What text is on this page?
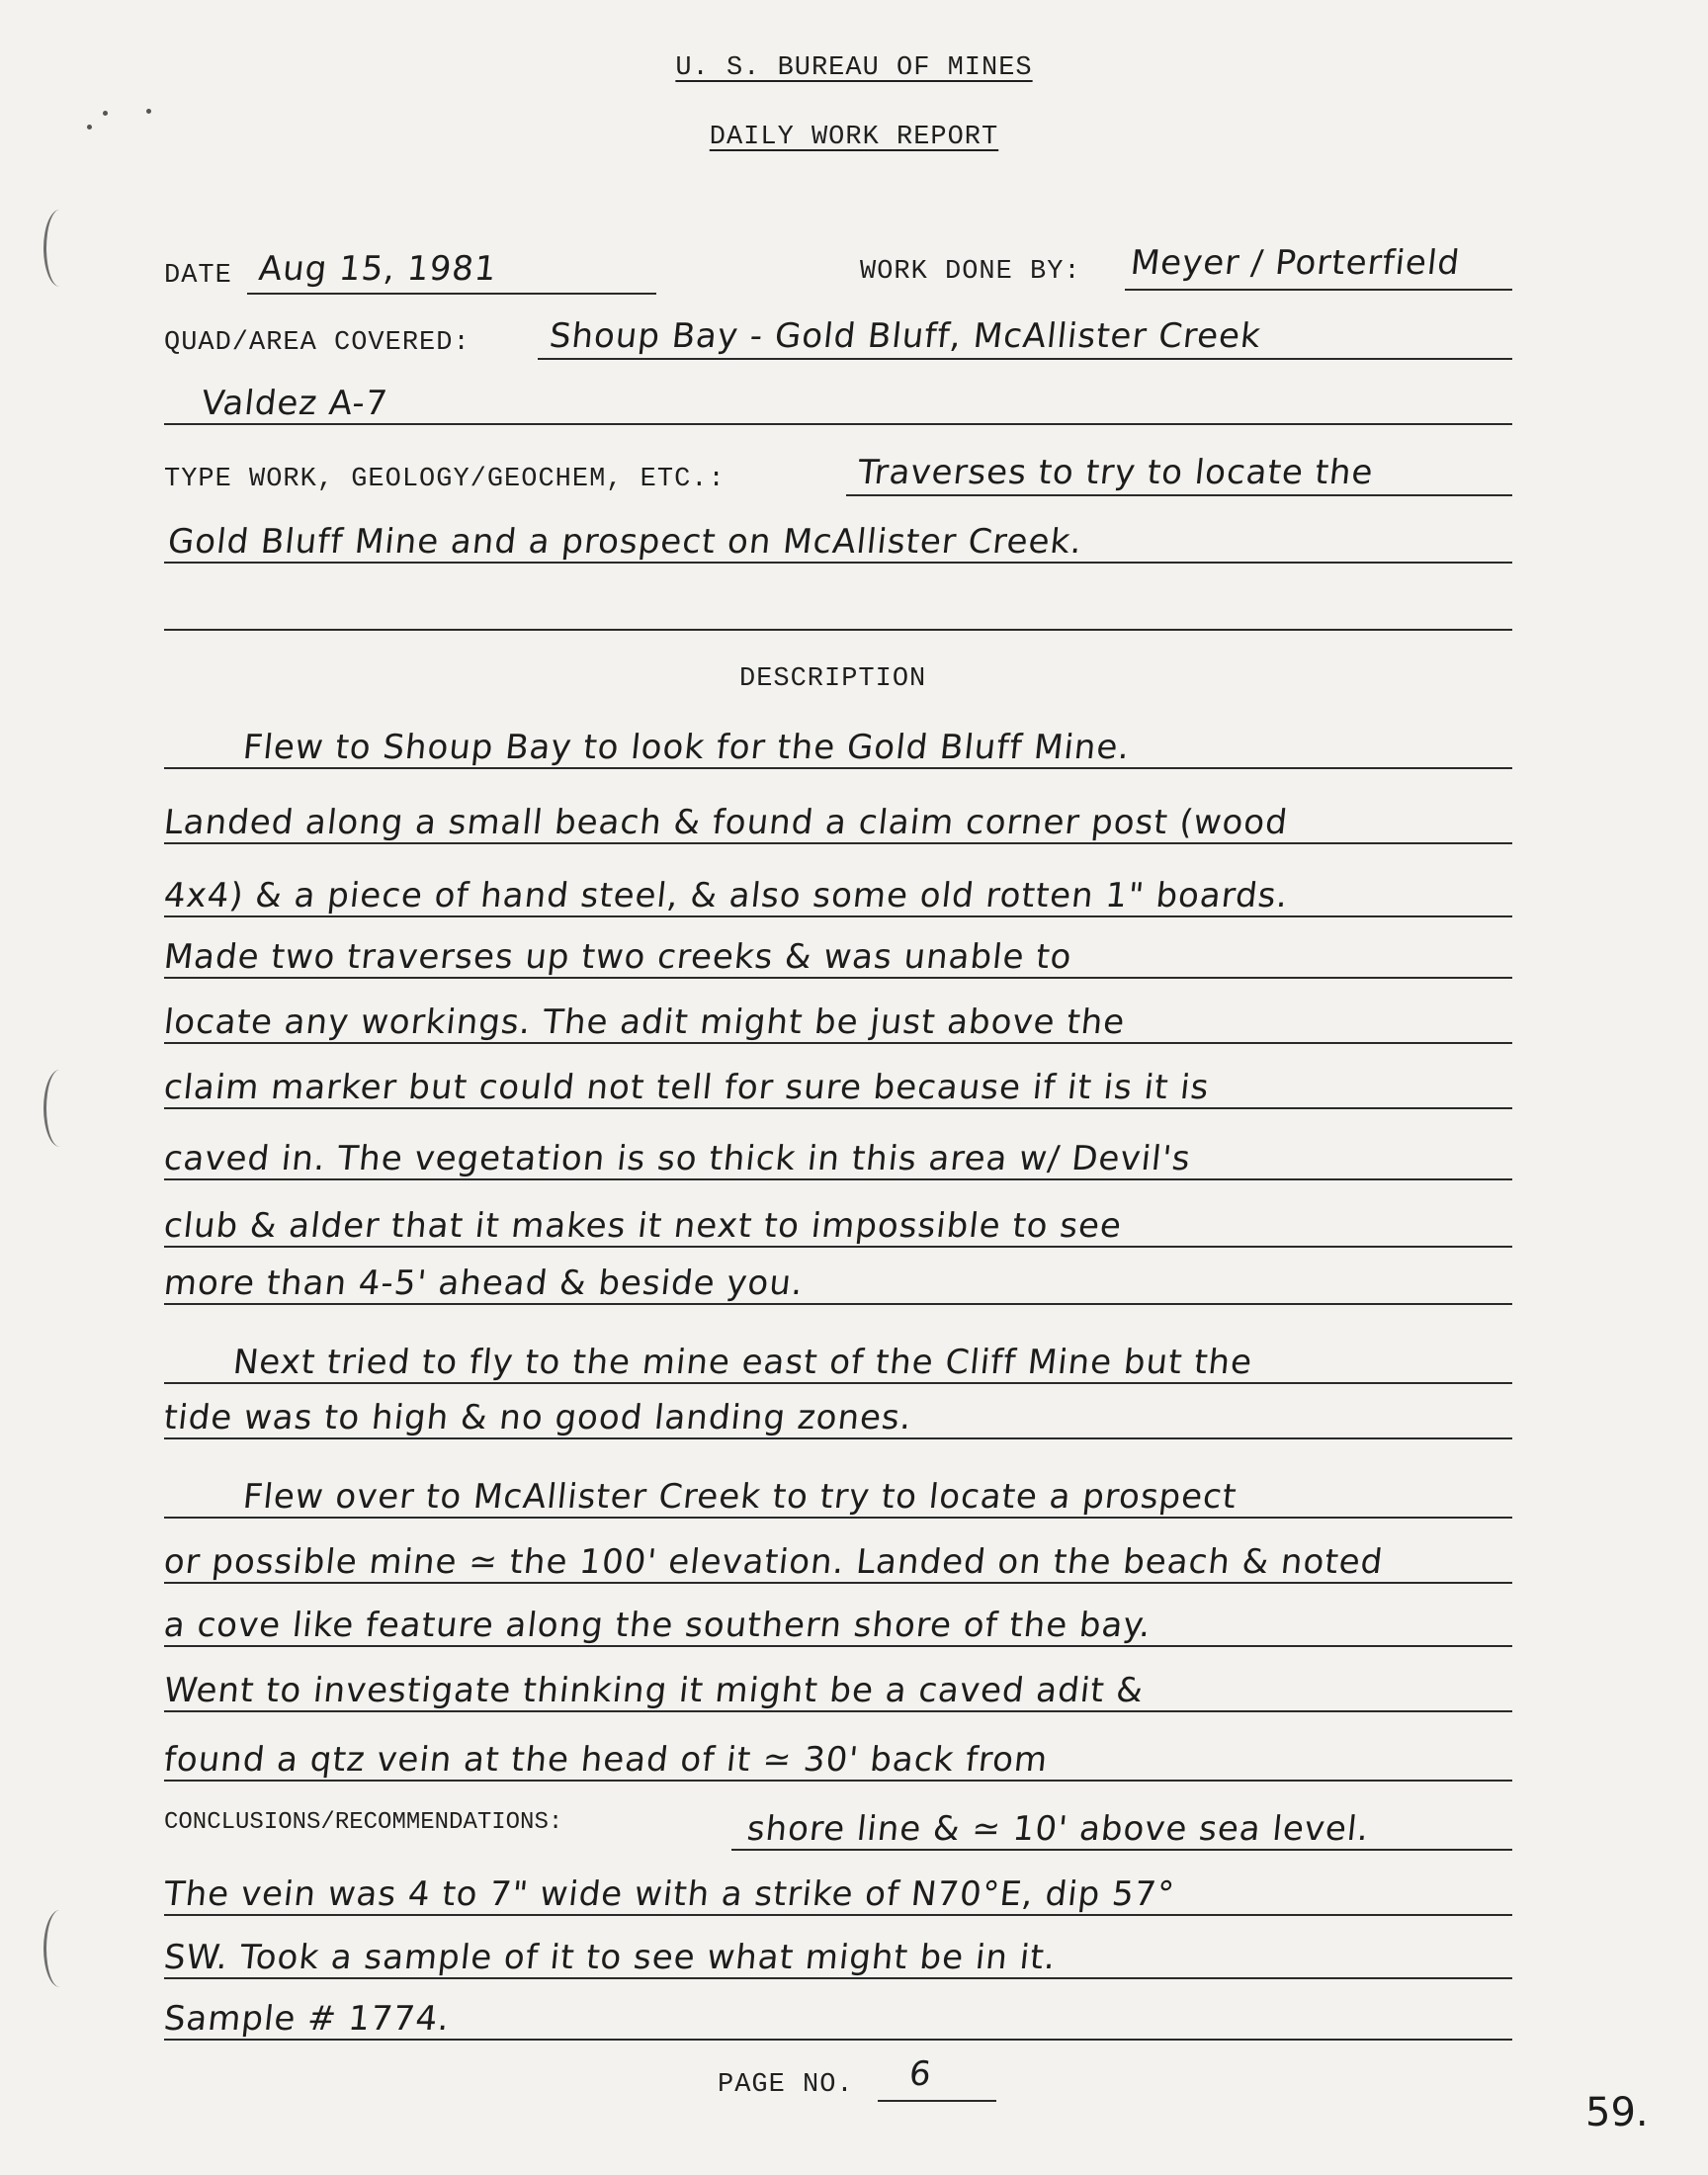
U. S. BUREAU OF MINES
DAILY WORK REPORT
DATE Aug 15, 1981	WORK DONE BY: Meyer / Porterfield
QUAD/AREA COVERED: Shoup Bay - Gold Bluff, McAllister Creek
Valdez A-7
TYPE WORK, GEOLOGY/GEOCHEM, ETC.:	Traverses to try to locate the
Gold Bluff Mine and a prospect on McAllister Creek.
DESCRIPTION
Flew to Shoup Bay to look for the Gold Bluff Mine.
Landed along a small beach & found a claim corner post (wood
4x4) & a piece of hand steel, & also some old rotten 1" boards.
Made two traverses up two creeks & was unable to
locate any workings. The adit might be just above the
claim marker but could not tell for sure because if it is it is
caved in. The vegetation is so thick in this area w/ Devil's
club & alder that it makes it next to impossible to see
more than 4-5' ahead & beside you.
Next tried to fly to the mine east of the Cliff Mine but the
tide was to high & no good landing zones.
Flew over to McAllister Creek to try to locate a prospect
or possible mine ≃ the 100' elevation. Landed on the beach & noted
a cove like feature along the southern shore of the bay.
Went to investigate thinking it might be a caved adit &
found a qtz vein at the head of it ≃ 30' back from
CONCLUSIONS/RECOMMENDATIONS:	shore line & ≃ 10' above sea level.
The vein was 4 to 7" wide with a strike of N70°E, dip 57°
SW. Took a sample of it to see what might be in it.
Sample # 1774.
PAGE NO. 6
59.
